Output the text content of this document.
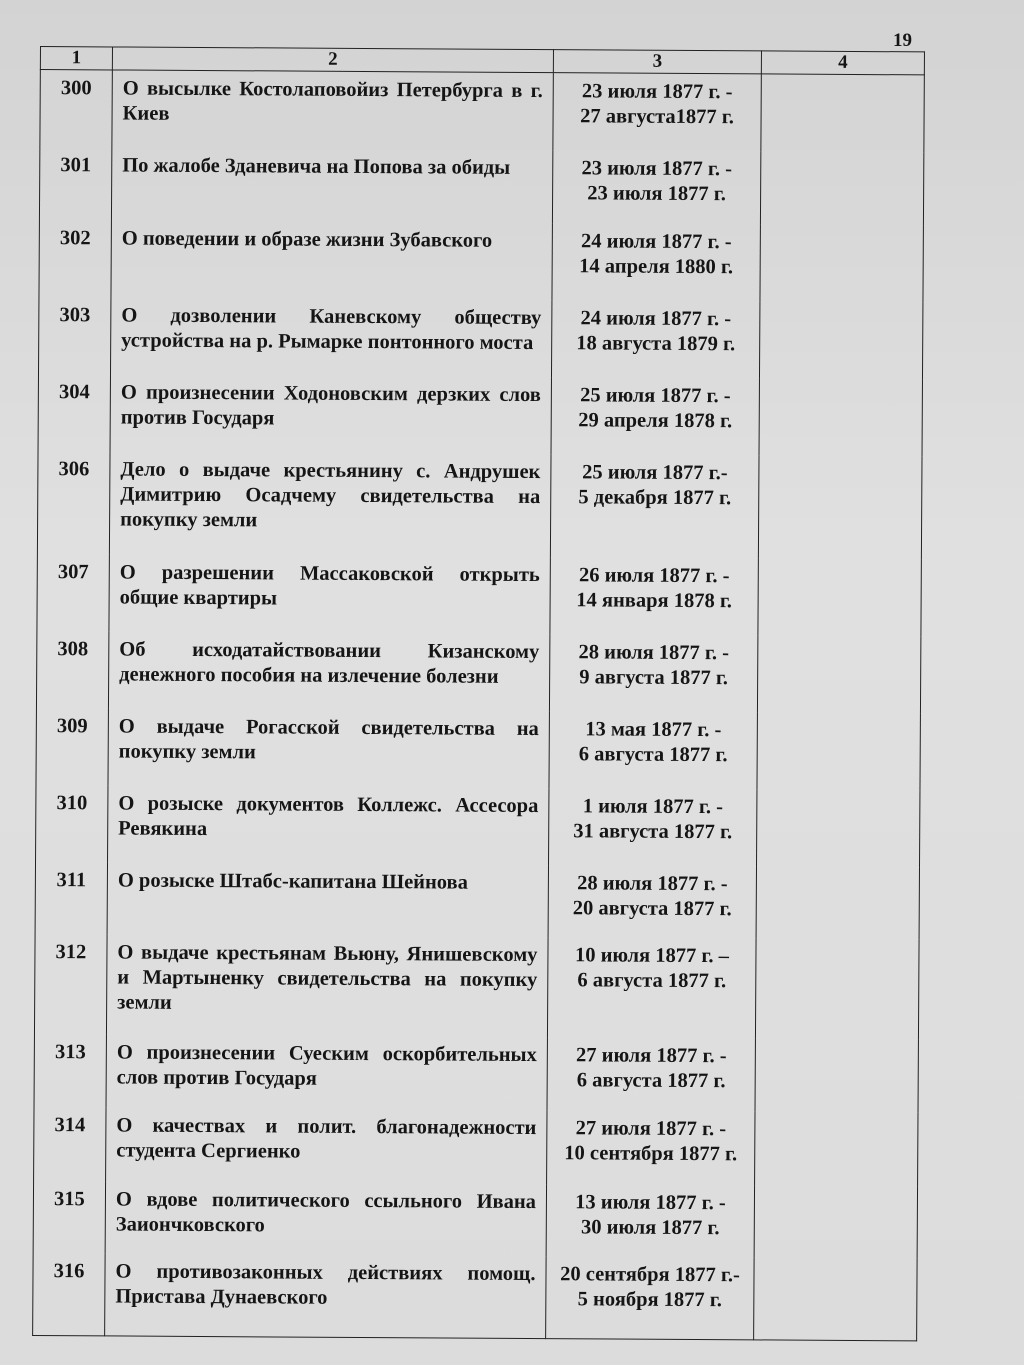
19
1	2	3	4
300	О высылке Костолаповойиз Петербурга в г. Киев	23 июля 1877 г. -
27 августа1877 г.	

301	По жалобе Зданевича на Попова за обиды	23 июля 1877 г. -
23 июля 1877 г.	

302	О поведении и образе жизни Зубавского	24 июля 1877 г. -
14 апреля 1880 г.	

303	О дозволении Каневскому обществу устройства на р. Рымарке понтонного моста	24 июля 1877 г. -
18 августа 1879 г.	

304	О произнесении Ходоновским дерзких слов против Государя	25 июля 1877 г. -
29 апреля 1878 г.	

306	Дело о выдаче крестьянину с. Андрушек Димитрию Осадчему свидетельства на покупку земли	25 июля 1877 г.-
5 декабря 1877 г.	

307	О разрешении Массаковской открыть общие квартиры	26 июля 1877 г. -
14 января 1878 г.	

308	Об исходатайствовании Кизанскому денежного пособия на излечение болезни	28 июля 1877 г. -
9 августа 1877 г.	

309	О выдаче Рогасской свидетельства на покупку земли	13 мая 1877 г. -
6 августа 1877 г.	

310	О розыске документов Коллежс. Ассесора Ревякина	1 июля 1877 г. -
31 августа 1877 г.	

311	О розыске Штабс-капитана Шейнова	28 июля 1877 г. -
20 августа 1877 г.	

312	О выдаче крестьянам Вьюну, Янишевскому и Мартыненку свидетельства на покупку земли	10 июля 1877 г. –
6 августа 1877 г.	

313	О произнесении Суеским оскорбительных слов против Государя	27 июля 1877 г. -
6 августа 1877 г.	

314	О качествах и полит. благонадежности студента Сергиенко	27 июля 1877 г. -
10 сентября 1877 г.	

315	О вдове политического ссыльного Ивана Заиончковского	13 июля 1877 г. -
30 июля 1877 г.	

316	О противозаконных действиях помощ. Пристава Дунаевского	20 сентября 1877 г.-
5 ноября 1877 г.	
